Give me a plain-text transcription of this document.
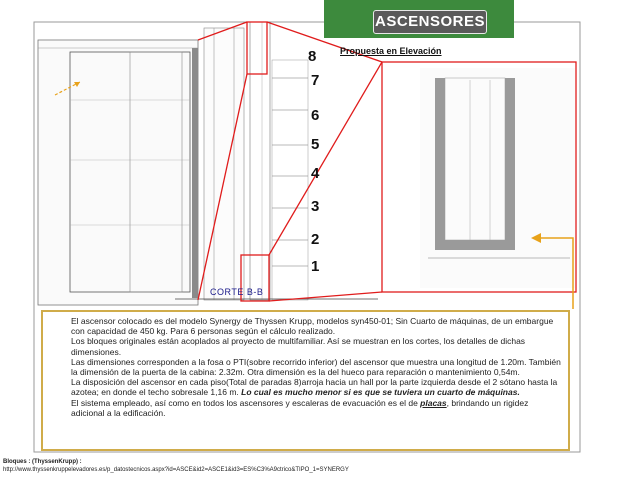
ASCENSORES
Propuesta en Elevación
8
7
6
5
4
3
2
1
CORTE B-B

El ascensor colocado es del modelo Synergy de Thyssen Krupp, modelos syn450-01; Sin Cuarto de máquinas, de un embargue con capacidad de 450 kg. Para 6 personas según el cálculo realizado.

Los bloques originales están acoplados al proyecto de multifamiliar. Así se muestran en los cortes, los detalles de dichas dimensiones.

Las dimensiones corresponden a la fosa o PTI(sobre recorrido inferior) del ascensor que muestra una longitud de 1.20m. También la dimensión de la puerta de la cabina: 2.32m. Otra dimensión es la del hueco para reparación o mantenimiento 0,54m.

La disposición del ascensor en cada piso(Total de paradas 8)arroja hacia un hall por la parte izquierda desde el 2 sótano hasta la azotea; en donde el techo sobresale 1,16 m. Lo cual es mucho menor si es que se tuviera un cuarto de máquinas.

El sistema empleado, así como en todos los ascensores y escaleras de evacuación es el de placas, brindando un rigidez adicional a la edificación.

Bloques : (ThyssenKrupp) :
http://www.thyssenkruppelevadores.es/p_datostecnicos.aspx?id=ASCE&id2=ASCE1&id3=ES%C3%A9ctrico&TIPO_1=SYNERGY
